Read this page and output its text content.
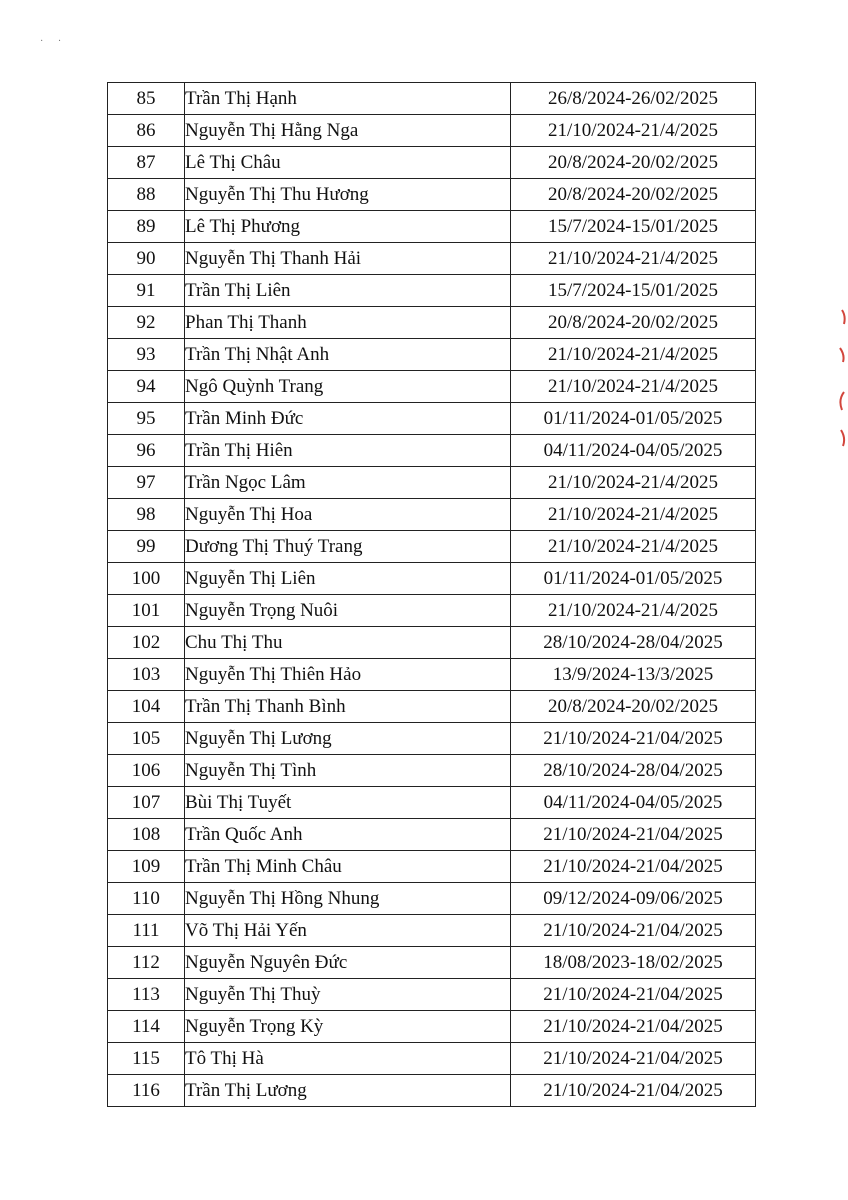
· ·
85	Trần Thị Hạnh	26/8/2024-26/02/2025
86	Nguyễn Thị Hằng Nga	21/10/2024-21/4/2025
87	Lê Thị Châu	20/8/2024-20/02/2025
88	Nguyễn Thị Thu Hương	20/8/2024-20/02/2025
89	Lê Thị Phương	15/7/2024-15/01/2025
90	Nguyễn Thị Thanh Hải	21/10/2024-21/4/2025
91	Trần Thị Liên	15/7/2024-15/01/2025
92	Phan Thị Thanh	20/8/2024-20/02/2025
93	Trần Thị Nhật Anh	21/10/2024-21/4/2025
94	Ngô Quỳnh Trang	21/10/2024-21/4/2025
95	Trần Minh Đức	01/11/2024-01/05/2025
96	Trần Thị Hiên	04/11/2024-04/05/2025
97	Trần Ngọc Lâm	21/10/2024-21/4/2025
98	Nguyễn Thị Hoa	21/10/2024-21/4/2025
99	Dương Thị Thuý Trang	21/10/2024-21/4/2025
100	Nguyễn Thị Liên	01/11/2024-01/05/2025
101	Nguyễn Trọng Nuôi	21/10/2024-21/4/2025
102	Chu Thị Thu	28/10/2024-28/04/2025
103	Nguyễn Thị Thiên Hảo	13/9/2024-13/3/2025
104	Trần Thị Thanh Bình	20/8/2024-20/02/2025
105	Nguyễn Thị Lương	21/10/2024-21/04/2025
106	Nguyễn Thị Tình	28/10/2024-28/04/2025
107	Bùi Thị Tuyết	04/11/2024-04/05/2025
108	Trần Quốc Anh	21/10/2024-21/04/2025
109	Trần Thị Minh Châu	21/10/2024-21/04/2025
110	Nguyễn Thị Hồng Nhung	09/12/2024-09/06/2025
111	Võ Thị Hải Yến	21/10/2024-21/04/2025
112	Nguyễn Nguyên Đức	18/08/2023-18/02/2025
113	Nguyễn Thị Thuỳ	21/10/2024-21/04/2025
114	Nguyễn Trọng Kỳ	21/10/2024-21/04/2025
115	Tô Thị Hà	21/10/2024-21/04/2025
116	Trần Thị Lương	21/10/2024-21/04/2025
